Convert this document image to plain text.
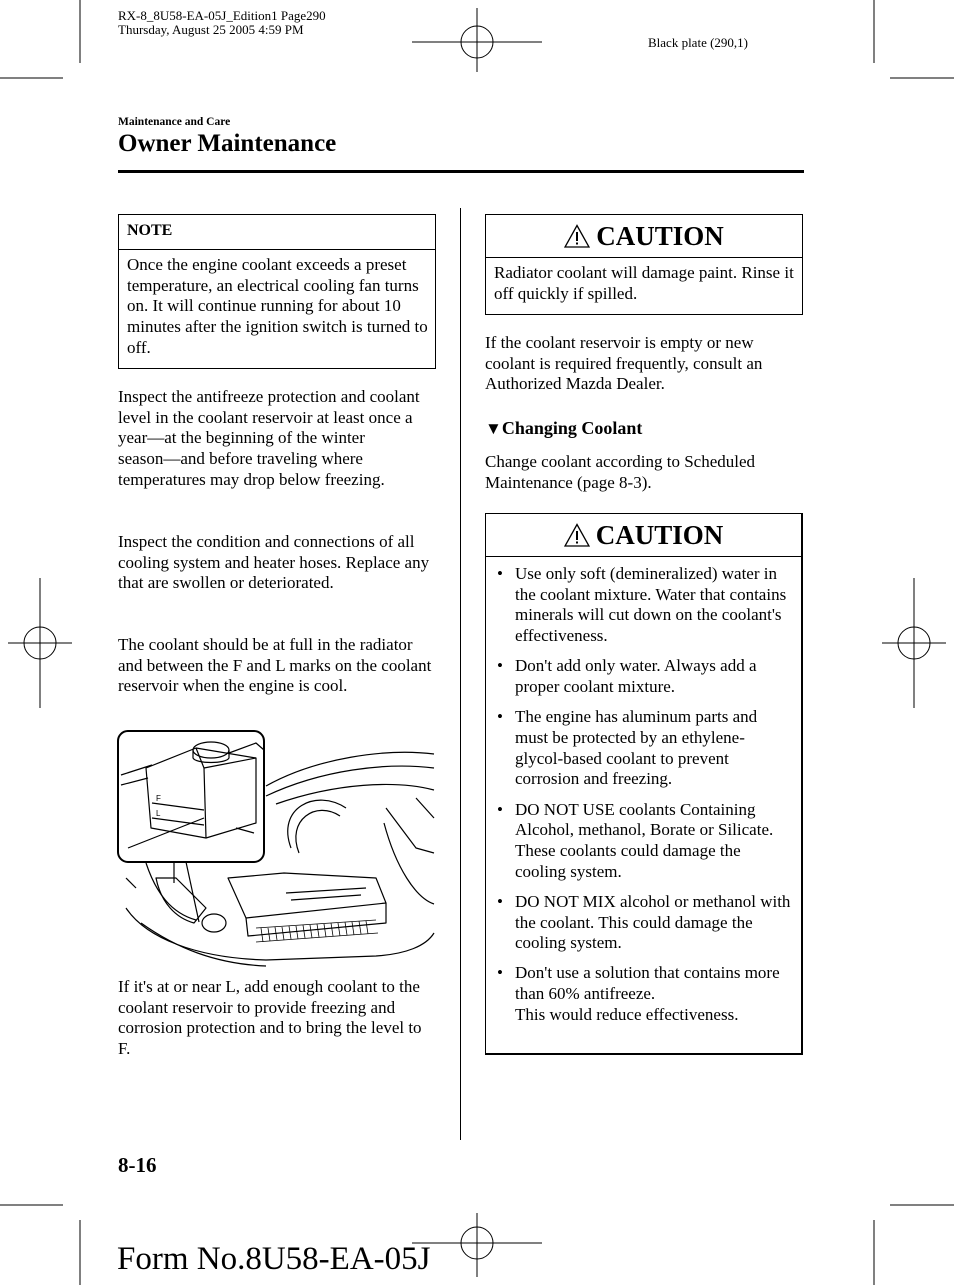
RX-8_8U58-EA-05J_Edition1 Page290
Thursday, August 25 2005 4:59 PM
Black plate (290,1)
Maintenance and Care
Owner Maintenance
NOTE
Once the engine coolant exceeds a preset temperature, an electrical cooling fan turns on. It will continue running for about 10 minutes after the ignition switch is turned to off.
Inspect the antifreeze protection and coolant level in the coolant reservoir at least once a year―at the beginning of the winter season―and before traveling where temperatures may drop below freezing.
Inspect the condition and connections of all cooling system and heater hoses. Replace any that are swollen or deteriorated.
The coolant should be at full in the radiator and between the F and L marks on the coolant reservoir when the engine is cool.
F
L
If it's at or near L, add enough coolant to the coolant reservoir to provide freezing and corrosion protection and to bring the level to F.
CAUTION
Radiator coolant will damage paint. Rinse it off quickly if spilled.
If the coolant reservoir is empty or new coolant is required frequently, consult an Authorized Mazda Dealer.
▼Changing Coolant
Change coolant according to Scheduled Maintenance (page 8-3).
CAUTION
• Use only soft (demineralized) water in the coolant mixture. Water that contains minerals will cut down on the coolant's effectiveness.
• Don't add only water. Always add a proper coolant mixture.
• The engine has aluminum parts and must be protected by an ethylene-glycol-based coolant to prevent corrosion and freezing.
• DO NOT USE coolants Containing Alcohol, methanol, Borate or Silicate.
These coolants could damage the cooling system.
• DO NOT MIX alcohol or methanol with the coolant. This could damage the cooling system.
• Don't use a solution that contains more than 60% antifreeze.
This would reduce effectiveness.
8-16
Form No.8U58-EA-05J
